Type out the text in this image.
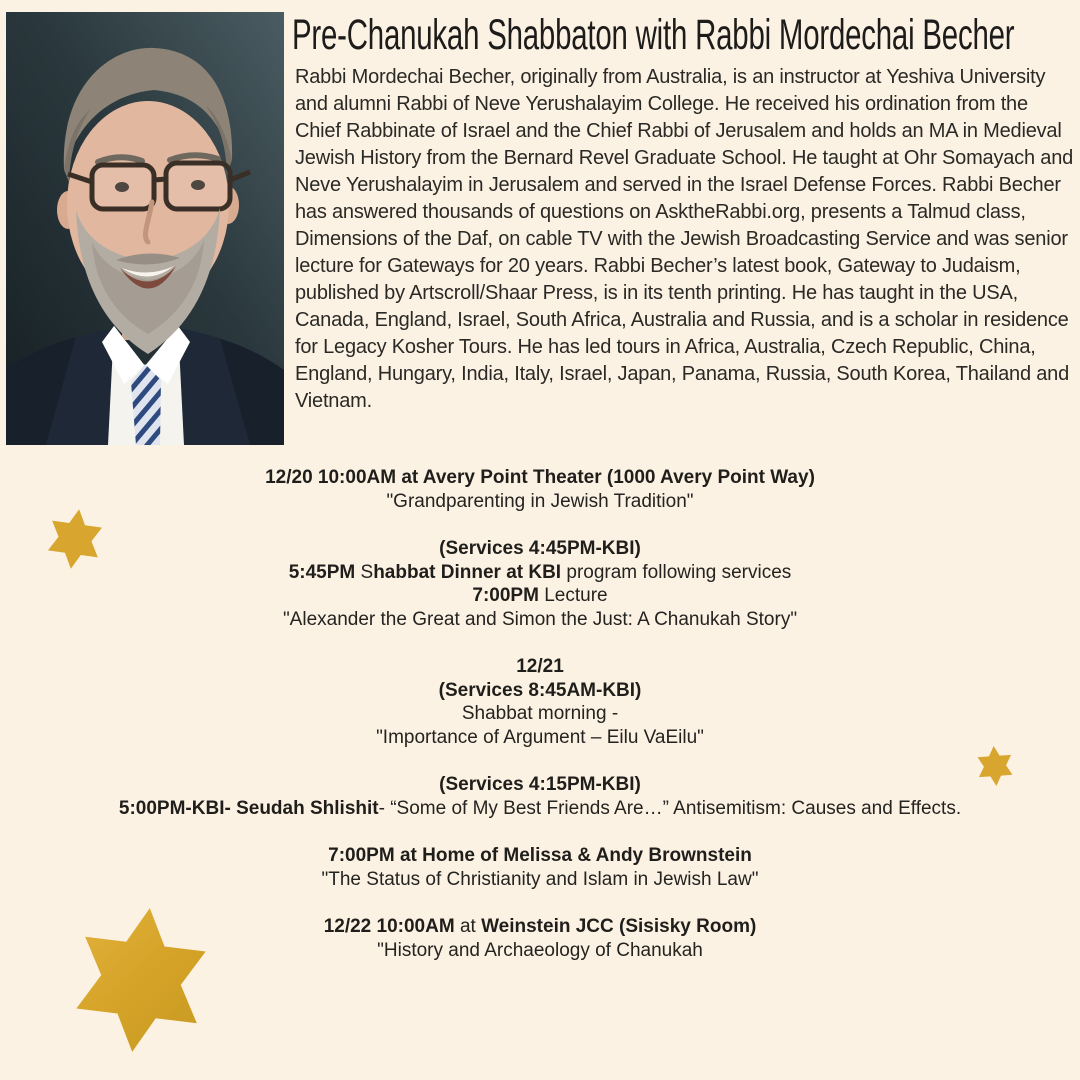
Pre-Chanukah Shabbaton with Rabbi Mordechai Becher
Rabbi Mordechai Becher, originally from Australia, is an instructor at Yeshiva University and alumni Rabbi of Neve Yerushalayim College. He received his ordination from the Chief Rabbinate of Israel and the Chief Rabbi of Jerusalem and holds an MA in Medieval Jewish History from the Bernard Revel Graduate School. He taught at Ohr Somayach and Neve Yerushalayim in Jerusalem and served in the Israel Defense Forces. Rabbi Becher has answered thousands of questions on AsktheRabbi.org, presents a Talmud class, Dimensions of the Daf, on cable TV with the Jewish Broadcasting Service and was senior lecture for Gateways for 20 years. Rabbi Becher’s latest book, Gateway to Judaism, published by Artscroll/Shaar Press, is in its tenth printing. He has taught in the USA, Canada, England, Israel, South Africa, Australia and Russia, and is a scholar in residence for Legacy Kosher Tours. He has led tours in Africa, Australia, Czech Republic, China, England, Hungary, India, Italy, Israel, Japan, Panama, Russia, South Korea, Thailand and Vietnam.
12/20 10:00AM at Avery Point Theater (1000 Avery Point Way)
"Grandparenting in Jewish Tradition"
(Services 4:45PM-KBI)
5:45PM Shabbat Dinner at KBI program following services
7:00PM Lecture
"Alexander the Great and Simon the Just: A Chanukah Story"
12/21
(Services 8:45AM-KBI)
Shabbat morning -
"Importance of Argument – Eilu VaEilu"
(Services 4:15PM-KBI)
5:00PM-KBI- Seudah Shlishit- “Some of My Best Friends Are…” Antisemitism: Causes and Effects.
7:00PM at Home of Melissa & Andy Brownstein
"The Status of Christianity and Islam in Jewish Law"
12/22 10:00AM at Weinstein JCC (Sisisky Room)
"History and Archaeology of Chanukah
